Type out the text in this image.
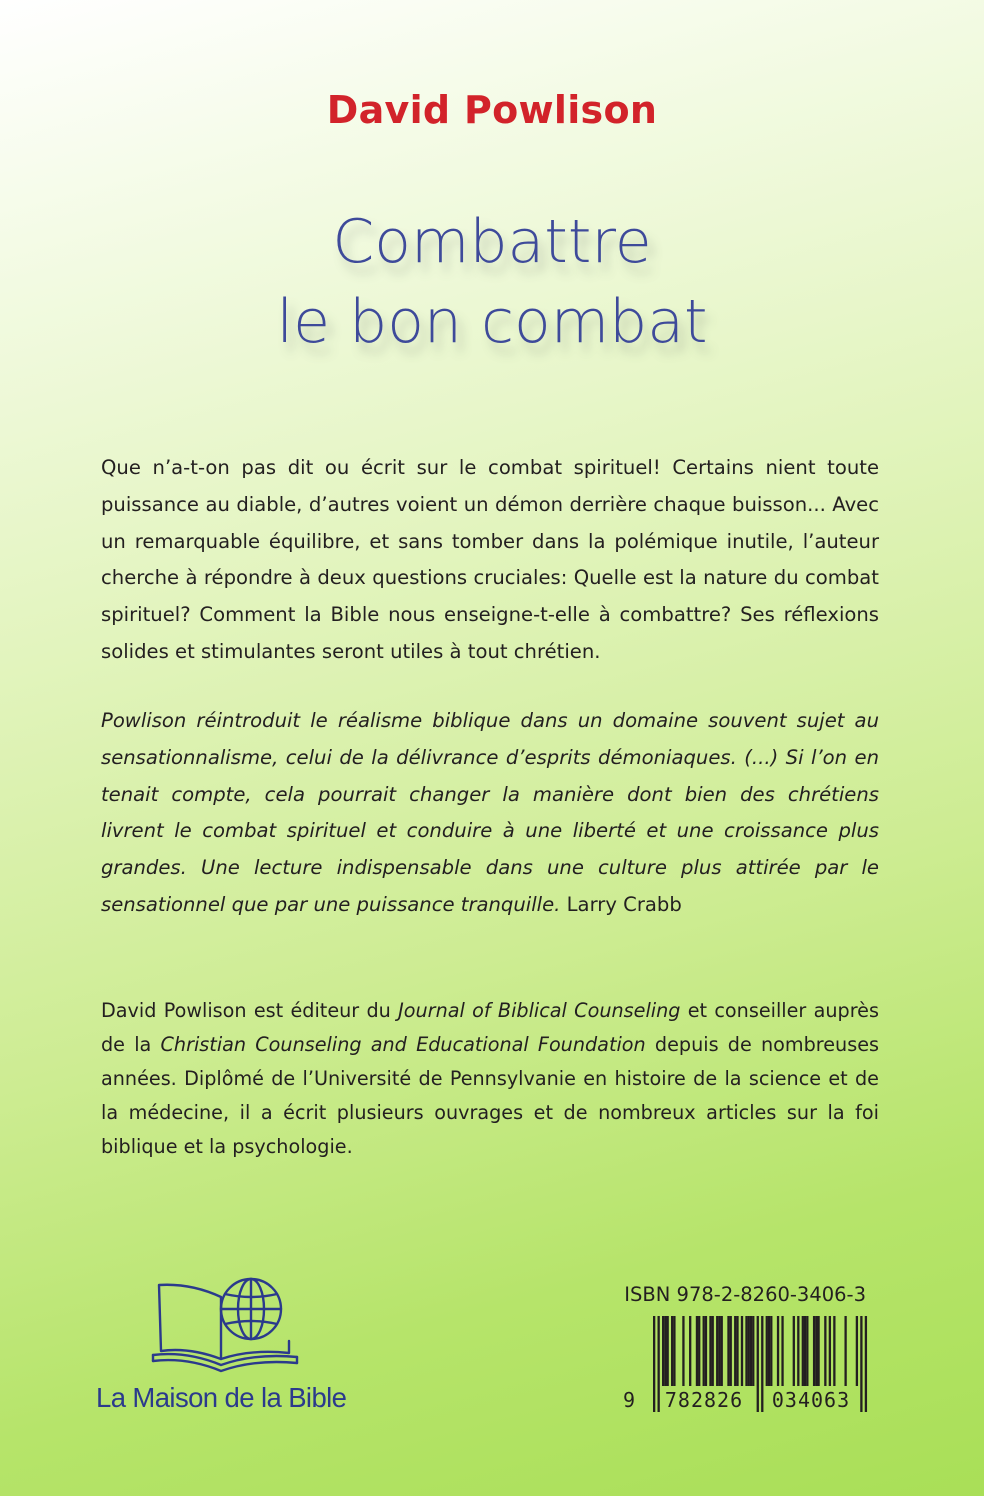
David Powlison
Combattre
le bon combat

Que n’a-t-on pas dit ou écrit sur le combat spirituel! Certains nient toute puissance au diable, d’autres voient un démon derrière chaque buisson... Avec un remarquable équilibre, et sans tomber dans la polémique inutile, l’auteur cherche à répondre à deux questions cruciales: Quelle est la nature du combat spirituel? Comment la Bible nous enseigne-t-elle à combattre? Ses réflexions solides et stimulantes seront utiles à tout chrétien.

Powlison réintroduit le réalisme biblique dans un domaine souvent sujet au sensationnalisme, celui de la délivrance d’esprits démoniaques. (...) Si l’on en tenait compte, cela pourrait changer la manière dont bien des chrétiens livrent le combat spirituel et conduire à une liberté et une croissance plus grandes. Une lecture indispensable dans une culture plus attirée par le sensationnel que par une puissance tranquille. Larry Crabb

David Powlison est éditeur du Journal of Biblical Counseling et conseiller auprès de la Christian Counseling and Educational Foundation depuis de nombreuses années. Diplômé de l’Université de Pennsylvanie en histoire de la science et de la médecine, il a écrit plusieurs ouvrages et de nombreux articles sur la foi biblique et la psychologie.

La Maison de la Bible
ISBN 978-2-8260-3406-3
9	782826	034063
